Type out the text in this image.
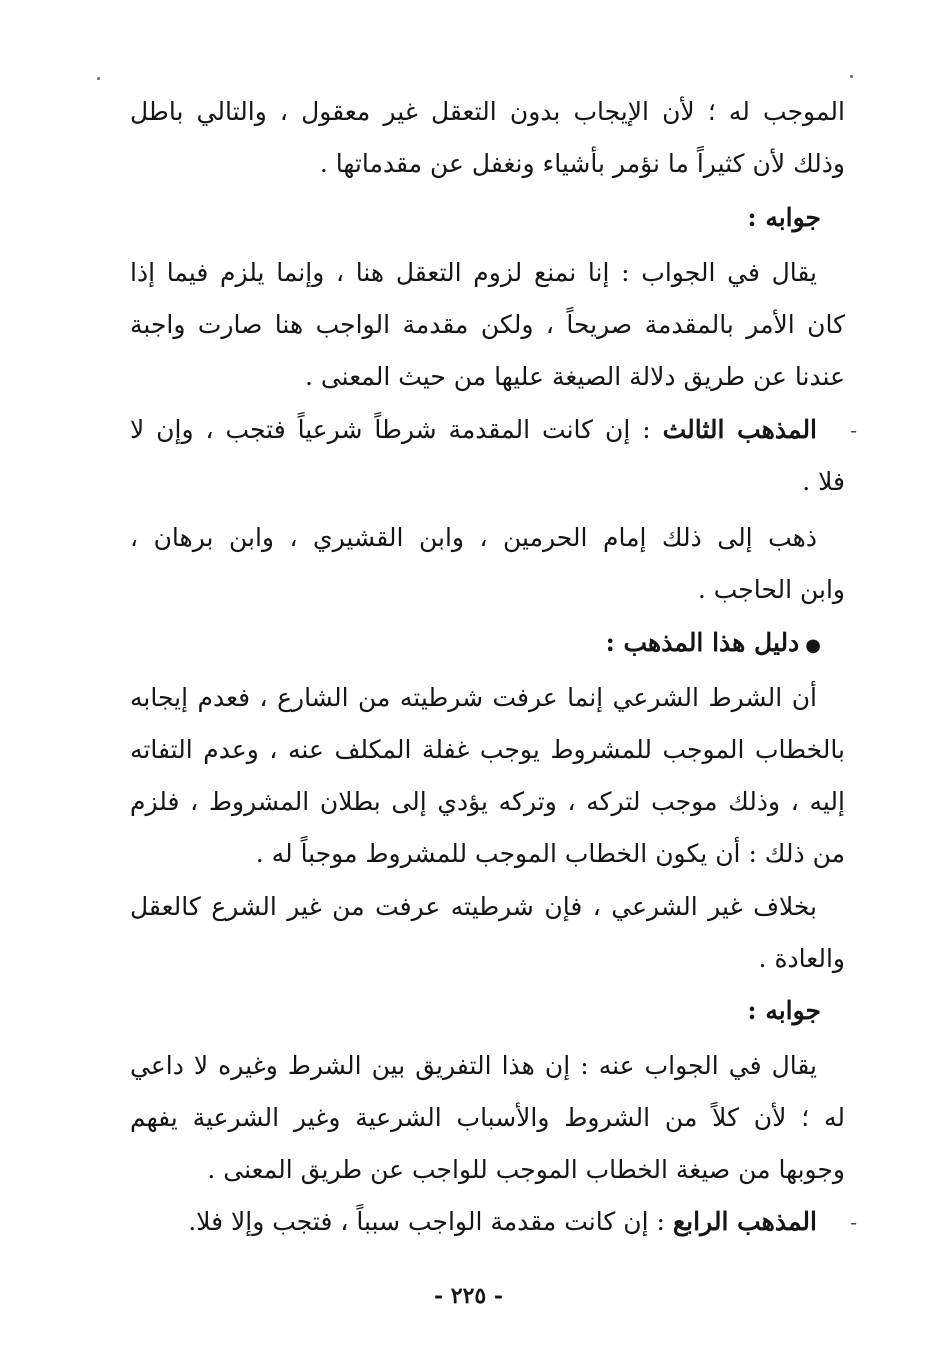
الموجب له ؛ لأن الإيجاب بدون التعقل غير معقول ، والتالي باطل
وذلك لأن كثيراً ما نؤمر بأشياء ونغفل عن مقدماتها .
جوابه :
يقال في الجواب : إنا نمنع لزوم التعقل هنا ، وإنما يلزم فيما إذا
كان الأمر بالمقدمة صريحاً ، ولكن مقدمة الواجب هنا صارت واجبة
عندنا عن طريق دلالة الصيغة عليها من حيث المعنى .
-
المذهب الثالث : إن كانت المقدمة شرطاً شرعياً فتجب ، وإن لا
فلا .
ذهب إلى ذلك إمام الحرمين ، وابن القشيري ، وابن برهان ،
وابن الحاجب .
●دليل هذا المذهب :
أن الشرط الشرعي إنما عرفت شرطيته من الشارع ، فعدم إيجابه
بالخطاب الموجب للمشروط يوجب غفلة المكلف عنه ، وعدم التفاته
إليه ، وذلك موجب لتركه ، وتركه يؤدي إلى بطلان المشروط ، فلزم
من ذلك : أن يكون الخطاب الموجب للمشروط موجباً له .
بخلاف غير الشرعي ، فإن شرطيته عرفت من غير الشرع كالعقل
والعادة .
جوابه :
يقال في الجواب عنه : إن هذا التفريق بين الشرط وغيره لا داعي
له ؛ لأن كلاً من الشروط والأسباب الشرعية وغير الشرعية يفهم
وجوبها من صيغة الخطاب الموجب للواجب عن طريق المعنى .
-
المذهب الرابع : إن كانت مقدمة الواجب سبباً ، فتجب وإلا فلا.
- ٢٢٥ -
